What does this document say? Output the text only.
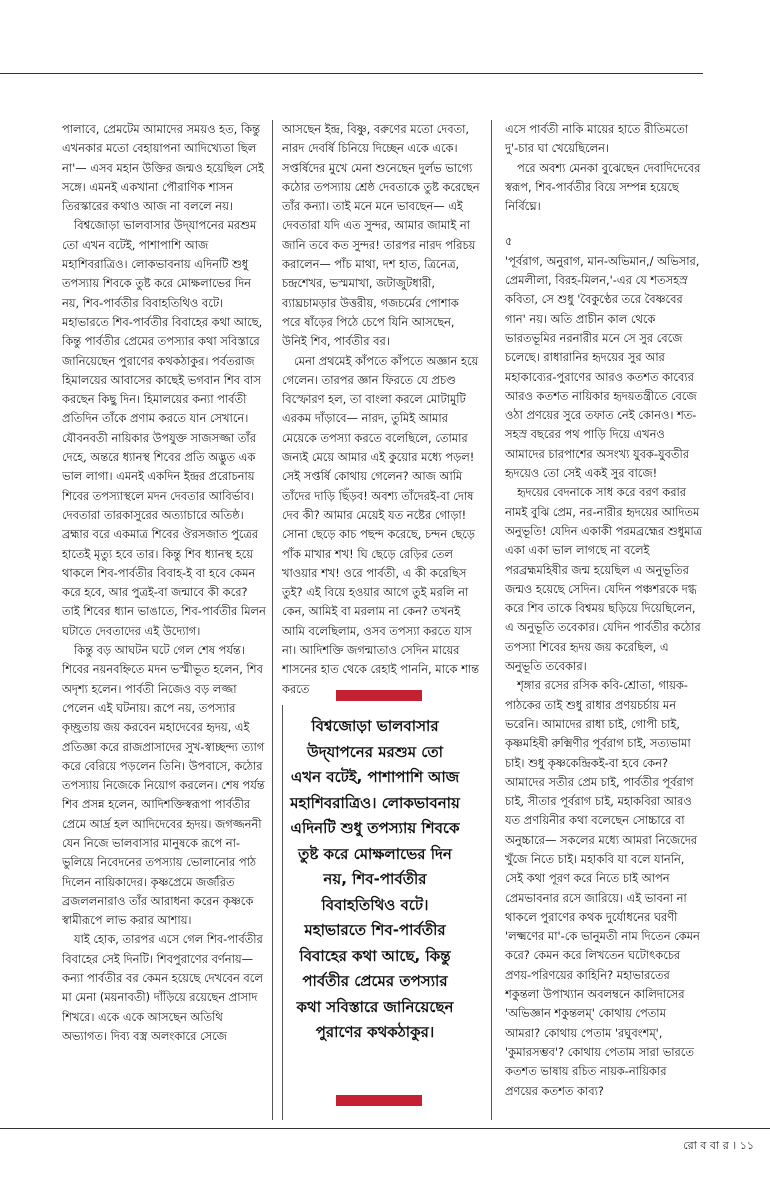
পালাবে, প্রেমটেম আমাদের সময়ও হত, কিন্তু এখনকার মতো বেহায়াপনা আদিখ্যেতা ছিল না'— এসব মহান উক্তির জন্মও হয়েছিল সেই সঙ্গে। এমনই একখানা পৌরাণিক শাসন তিরস্কারের কথাও আজ না বললে নয়।

বিশ্বজোড়া ভালবাসার উদ্‌যাপনের মরশুম তো এখন বটেই, পাশাপাশি আজ মহাশিবরাত্রিও। লোকভাবনায় এদিনটি শুধু তপস্যায় শিবকে তুষ্ট করে মোক্ষলাভের দিন নয়, শিব-পার্বতীর বিবাহতিথিও বটে। মহাভারতে শিব-পার্বতীর বিবাহের কথা আছে, কিন্তু পার্বতীর প্রেমের তপস্যার কথা সবিস্তারে জানিয়েছেন পুরাণের কথকঠাকুর। পর্বতরাজ হিমালয়ের আবাসের কাছেই ভগবান শিব বাস করছেন কিছু দিন। হিমালয়ের কন্যা পার্বতী প্রতিদিন তাঁকে প্রণাম করতে যান সেখানে। যৌবনবতী নায়িকার উপযুক্ত সাজসজ্জা তাঁর দেহে, অন্তরে ধ্যানস্থ শিবের প্রতি অদ্ভুত এক ভাল লাগা। এমনই একদিন ইন্দ্রর প্ররোচনায় শিবের তপস্যাস্থলে মদন দেবতার আবির্ভাব। দেবতারা তারকাসুরের অত্যাচারে অতিষ্ঠ। ব্রহ্মার বরে একমাত্র শিবের ঔরসজাত পুত্রের হাতেই মৃত্যু হবে তার। কিন্তু শিব ধ্যানস্থ হয়ে থাকলে শিব-পার্বতীর বিবাহ-ই বা হবে কেমন করে হবে, আর পুত্রই-বা জন্মাবে কী করে? তাই শিবের ধ্যান ভাঙাতে, শিব-পার্বতীর মিলন ঘটাতে দেবতাদের এই উদ্যোগ।

কিন্তু বড় আঘটন ঘটে গেল শেষ পর্যন্ত। শিবের নয়নবহ্নিতে মদন ভস্মীভূত হলেন, শিব অদৃশ্য হলেন। পার্বতী নিজেও বড় লজ্জা পেলেন এই ঘটনায়। রূপে নয়, তপস্যার কৃচ্ছ্রতায় জয় করবেন মহাদেবের হৃদয়, এই প্রতিজ্ঞা করে রাজপ্রাসাদের সুখ-স্বাচ্ছন্দ্য ত্যাগ করে বেরিয়ে পড়লেন তিনি। উপবাসে, কঠোর তপস্যায় নিজেকে নিয়োগ করলেন। শেষ পর্যন্ত শিব প্রসন্ন হলেন, আদিশক্তিস্বরূপা পার্বতীর প্রেমে আর্দ্র হল আদিদেবের হৃদয়। জগজ্জননী যেন নিজে ভালবাসার মানুষকে রূপে না-ভুলিয়ে নিবেদনের তপস্যায় ভোলানোর পাঠ দিলেন নায়িকাদের। কৃষ্ণপ্রেমে জর্জরিত ব্রজললনারাও তাঁর আরাধনা করেন কৃষ্ণকে স্বামীরূপে লাভ করার আশায়।

যাই হোক, তারপর এসে গেল শিব-পার্বতীর বিবাহের সেই দিনটি। শিবপুরাণের বর্ণনায়— কন্যা পার্বতীর বর কেমন হয়েছে দেখবেন বলে মা মেনা (ময়নাবতী) দাঁড়িয়ে রয়েছেন প্রাসাদ শিখরে। একে একে আসছেন অতিথি অভ্যাগত। দিব্য বস্ত্র অলংকারে সেজে

আসছেন ইন্দ্র, বিষ্ণু, বরুণের মতো দেবতা, নারদ দেবর্ষি চিনিয়ে দিচ্ছেন একে একে। সপ্তর্ষিদের মুখে মেনা শুনেছেন দুর্লভ ভাগ্যে কঠোর তপস্যায় শ্রেষ্ঠ দেবতাকে তুষ্ট করেছেন তাঁর কন্যা। তাই মনে মনে ভাবছেন— এই দেবতারা যদি এত সুন্দর, আমার জামাই না জানি তবে কত সুন্দর! তারপর নারদ পরিচয় করালেন— পাঁচ মাথা, দশ হাত, ত্রিনেত্র, চন্দ্রশেখর, ভস্মমাখা, জটাজুটধারী, ব্যাঘ্রচামড়ার উত্তরীয়, গজচর্মের পোশাক পরে ষাঁড়ের পিঠে চেপে যিনি আসছেন, উনিই শিব, পার্বতীর বর।

মেনা প্রথমেই কাঁপতে কাঁপতে অজ্ঞান হয়ে গেলেন। তারপর জ্ঞান ফিরতে যে প্রচণ্ড বিস্ফোরণ হল, তা বাংলা করলে মোটামুটি এরকম দাঁড়াবে— নারদ, তুমিই আমার মেয়েকে তপস্যা করতে বলেছিলে, তোমার জন্যই মেয়ে আমার এই কুয়োর মধ্যে পড়ল! সেই সপ্তর্ষি কোথায় গেলেন? আজ আমি তাঁদের দাড়ি ছিঁড়ব! অবশ্য তাঁদেরই-বা দোষ দেব কী? আমার মেয়েই যত নষ্টের গোড়া! সোনা ছেড়ে কাচ পছন্দ করেছে, চন্দন ছেড়ে পাঁক মাখার শখ! ঘি ছেড়ে রেড়ির তেল খাওয়ার শখ! ওরে পার্বতী, এ কী করেছিস তুই? এই বিয়ে হওয়ার আগে তুই মরলি না কেন, আমিই বা মরলাম না কেন? তখনই আমি বলেছিলাম, ওসব তপস্যা করতে যাস না। আদিশক্তি জগন্মাতাও সেদিন মায়ের শাসনের হাত থেকে রেহাই পাননি, মাকে শান্ত করতে

এসে পার্বতী নাকি মায়ের হাতে রীতিমতো দু'-চার ঘা খেয়েছিলেন।

পরে অবশ্য মেনকা বুঝেছেন দেবাদিদেবের স্বরূপ, শিব-পার্বতীর বিয়ে সম্পন্ন হয়েছে নির্বিঘ্নে।

৫

'পূর্বরাগ, অনুরাগ, মান-অভিমান,/ অভিসার, প্রেমলীলা, বিরহ-মিলন,'-এর যে শতসহস্র কবিতা, সে শুধু 'বৈকুণ্ঠের তরে বৈষ্ণবের গান' নয়। অতি প্রাচীন কাল থেকে ভারতভূমির নরনারীর মনে সে সুর বেজে চলেছে। রাধারানির হৃদয়ের সুর আর মহাকাব্যের-পুরাণের আরও কতশত কাব্যের আরও কতশত নায়িকার হৃদয়তন্ত্রীতে বেজে ওঠা প্রণয়ের সুরে তফাত নেই কোনও। শত-সহস্র বছরের পথ পাড়ি দিয়ে এখনও আমাদের চারপাশের অসংখ্য যুবক-যুবতীর হৃদয়েও তো সেই একই সুর বাজে!

হৃদয়ের বেদনাকে সাধ করে বরণ করার নামই বুঝি প্রেম, নর-নারীর হৃদয়ের আদিতম অনুভূতি! যেদিন একাকী পরমব্রহ্মের শুধুমাত্র একা একা ভাল লাগছে না বলেই পরব্রহ্মমহিষীর জন্ম হয়েছিল এ অনুভূতির জন্মও হয়েছে সেদিন। যেদিন পঞ্চশরকে দগ্ধ করে শিব তাকে বিশ্বময় ছড়িয়ে দিয়েছিলেন, এ অনুভূতি তবেকার। যেদিন পার্বতীর কঠোর তপস্যা শিবের হৃদয় জয় করেছিল, এ অনুভূতি তবেকার।

শৃঙ্গার রসের রসিক কবি-শ্রোতা, গায়ক-পাঠকের তাই শুধু রাধার প্রণয়চর্চায় মন ভরেনি। আমাদের রাধা চাই, গোপী চাই, কৃষ্ণমহিষী রুক্মিণীর পূর্বরাগ চাই, সত্যভামা চাই। শুধু কৃষ্ণকেন্দ্রিকই-বা হবে কেন? আমাদের সতীর প্রেম চাই, পার্বতীর পূর্বরাগ চাই, সীতার পূর্বরাগ চাই, মহাকবিরা আরও যত প্রণয়িনীর কথা বলেছেন সোচ্চারে বা অনুচ্চারে— সকলের মধ্যে আমরা নিজেদের খুঁজে নিতে চাই। মহাকবি যা বলে যাননি, সেই কথা পূরণ করে নিতে চাই আপন প্রেমভাবনার রসে জারিয়ে। এই ভাবনা না থাকলে পুরাণের কথক দুর্যোধনের ঘরণী 'লক্ষ্মণের মা'-কে ভানুমতী নাম দিতেন কেমন করে? কেমন করে লিখতেন ঘটোৎকচের প্রণয়-পরিণয়ের কাহিনি? মহাভারতের শকুন্তলা উপাখ্যান অবলম্বনে কালিদাসের 'অভিজ্ঞান শকুন্তলম্' কোথায় পেতাম আমরা? কোথায় পেতাম 'রঘুবংশম্', 'কুমারসম্ভব'? কোথায় পেতাম সারা ভারতে কতশত ভাষায় রচিত নায়ক-নায়িকার প্রণয়ের কতশত কাব্য?

বিশ্বজোড়া ভালবাসার উদ্‌যাপনের মরশুম তো এখন বটেই, পাশাপাশি আজ মহাশিবরাত্রিও। লোকভাবনায় এদিনটি শুধু তপস্যায় শিবকে তুষ্ট করে মোক্ষলাভের দিন নয়, শিব-পার্বতীর বিবাহতিথিও বটে। মহাভারতে শিব-পার্বতীর বিবাহের কথা আছে, কিন্তু পার্বতীর প্রেমের তপস্যার কথা সবিস্তারে জানিয়েছেন পুরাণের কথকঠাকুর।
রো ব বা র । ১১
